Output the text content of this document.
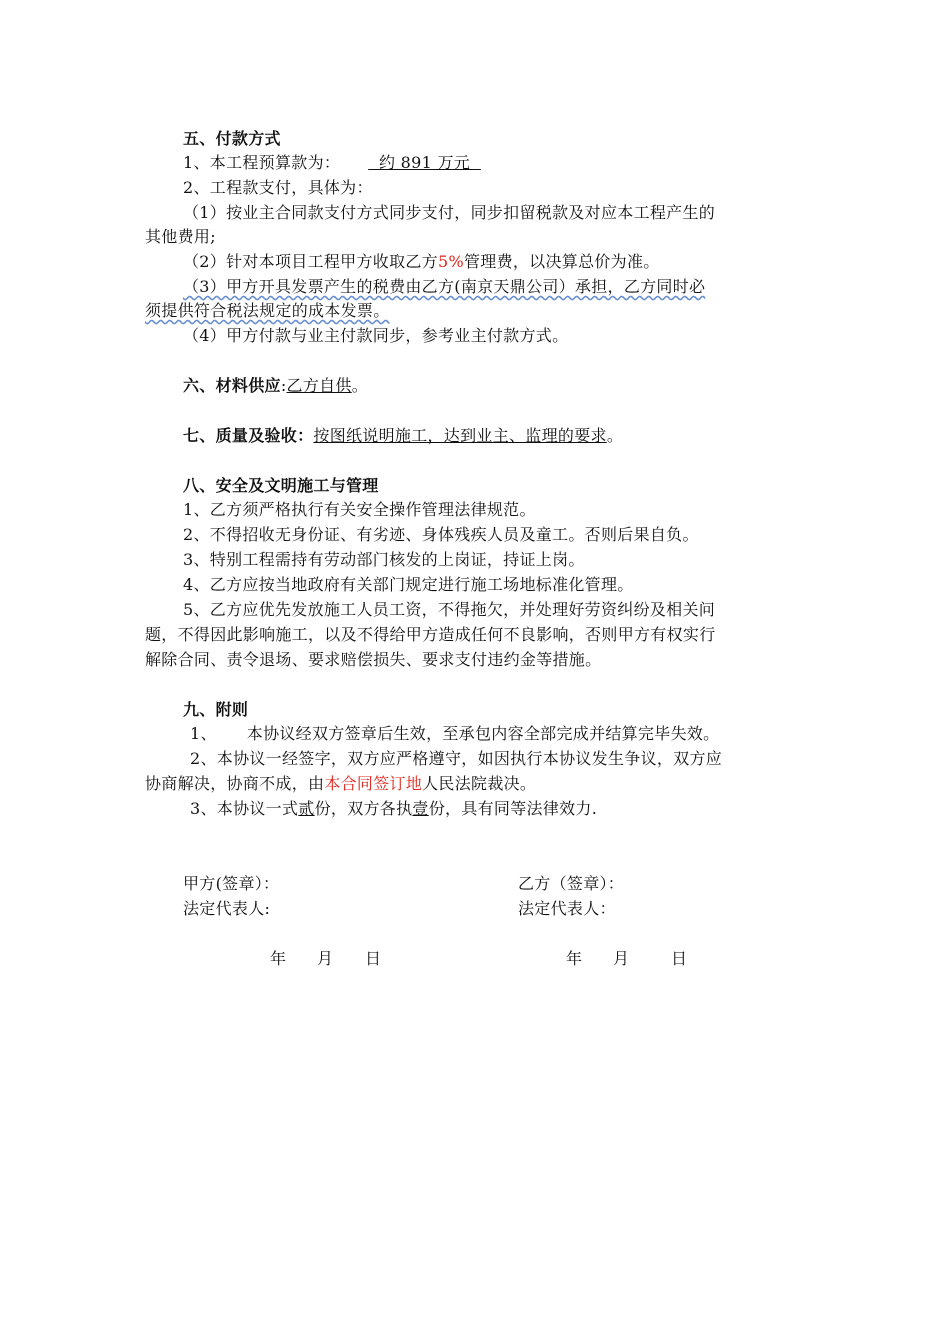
五、付款方式
1、本工程预算款为：  约 891 万元
2、工程款支付，具体为：
（1）按业主合同款支付方式同步支付，同步扣留税款及对应本工程产生的
其他费用;
（2）针对本项目工程甲方收取乙方5%管理费，以决算总价为准。
（3）甲方开具发票产生的税费由乙方(南京天鼎公司）承担，乙方同时必
须提供符合税法规定的成本发票。
（4）甲方付款与业主付款同步，参考业主付款方式。
六、材料供应:乙方自供。
七、质量及验收：按图纸说明施工，达到业主、监理的要求。
八、安全及文明施工与管理
1、乙方须严格执行有关安全操作管理法律规范。
2、不得招收无身份证、有劣迹、身体残疾人员及童工。否则后果自负。
3、特别工程需持有劳动部门核发的上岗证，持证上岗。
4、乙方应按当地政府有关部门规定进行施工场地标准化管理。
5、乙方应优先发放施工人员工资，不得拖欠，并处理好劳资纠纷及相关问
题，不得因此影响施工，以及不得给甲方造成任何不良影响，否则甲方有权实行
解除合同、责令退场、要求赔偿损失、要求支付违约金等措施。
九、附则
1、 本协议经双方签章后生效，至承包内容全部完成并结算完毕失效。
2、本协议一经签字，双方应严格遵守，如因执行本协议发生争议，双方应
协商解决，协商不成，由本合同签订地人民法院裁决。
3、本协议一式贰份，双方各执壹份，具有同等法律效力.
甲方(签章）：	乙方（签章）：
法定代表人:	法定代表人：
年 月 日	年 月	日
